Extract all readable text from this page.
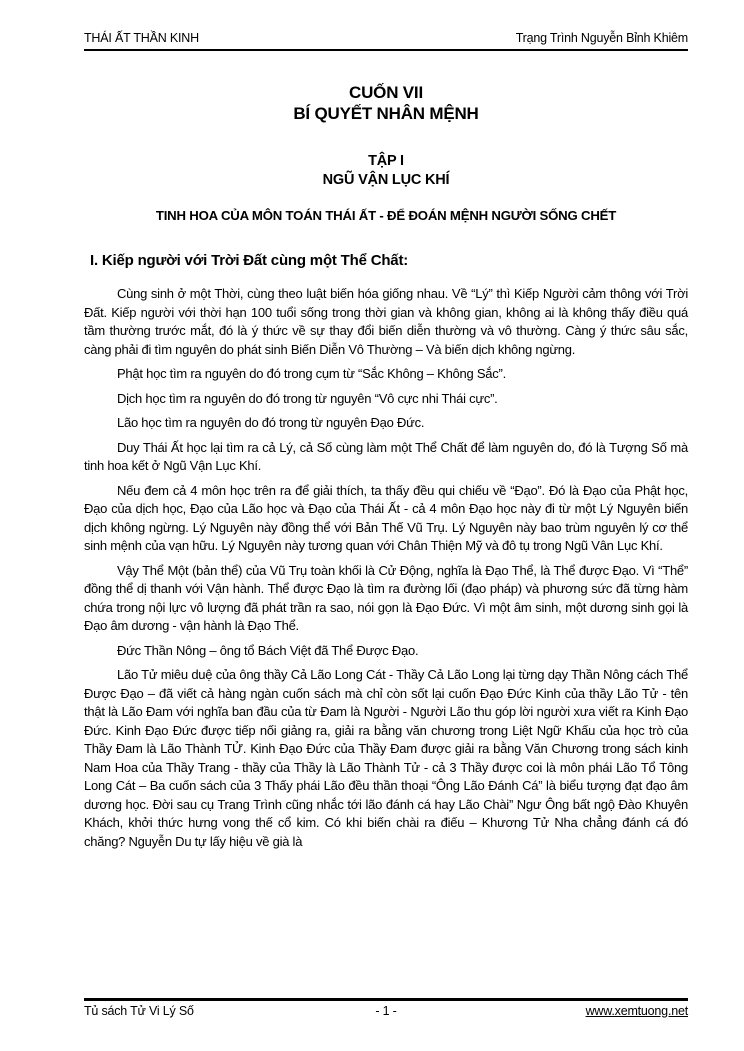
THÁI ẤT THẦN KINH	Trạng Trình Nguyễn Bỉnh Khiêm
CUỐN VII
BÍ QUYẾT NHÂN MỆNH
TẬP I
NGŨ VẬN LỤC KHÍ
TINH HOA CỦA MÔN TOÁN THÁI ẤT - ĐỂ ĐOÁN MỆNH NGƯỜI SỐNG CHẾT
I. Kiếp người với Trời Đất cùng một Thể Chất:

Cùng sinh ở một Thời, cùng theo luật biến hóa giống nhau. Về “Lý” thì Kiếp Người cảm thông với Trời Đất. Kiếp người với thời hạn 100 tuổi sống trong thời gian và không gian, không ai là không thấy điều quá tầm thường trước mắt, đó là ý thức về sự thay đổi biến diễn thường và vô thường. Càng ý thức sâu sắc, càng phải đi tìm nguyên do phát sinh Biến Diễn Vô Thường – Và biến dịch không ngừng.

Phật học tìm ra nguyên do đó trong cụm từ “Sắc Không – Không Sắc”.

Dịch học tìm ra nguyên do đó trong từ nguyên “Vô cực nhi Thái cực”.

Lão học tìm ra nguyên do đó trong từ nguyên Đạo Đức.

Duy Thái Ất học lại tìm ra cả Lý, cả Số cùng làm một Thể Chất để làm nguyên do, đó là Tượng Số mà tinh hoa kết ở Ngũ Vận Lục Khí.

Nếu đem cả 4 môn học trên ra để giải thích, ta thấy đều qui chiếu về “Đạo”. Đó là Đạo của Phật học, Đạo của dịch học, Đạo của Lão học và Đạo của Thái Ất - cả 4 môn Đạo học này đi từ một Lý Nguyên biến dịch không ngừng. Lý Nguyên này đồng thể với Bản Thế Vũ Trụ. Lý Nguyên này bao trùm nguyên lý cơ thể sinh mệnh của vạn hữu. Lý Nguyên này tương quan với Chân Thiện Mỹ và đô tụ trong Ngũ Vân Lục Khí.

Vậy Thể Một (bản thể) của Vũ Trụ toàn khối là Cử Động, nghĩa là Đạo Thể, là Thể được Đạo. Vì “Thể” đồng thể dị thanh với Vận hành. Thể được Đạo là tìm ra đường lối (đạo pháp) và phương sức đã từng hàm chứa trong nội lực vô lượng đã phát trần ra sao, nói gọn là Đạo Đức. Vì một âm sinh, một dương sinh gọi là Đạo âm dương - vận hành là Đạo Thể.

Đức Thần Nông – ông tổ Bách Việt đã Thể Được Đạo.

Lão Tử miêu duệ của ông thầy Cả Lão Long Cát - Thầy Cả Lão Long lại từng dạy Thần Nông cách Thể Được Đạo – đã viết cả hàng ngàn cuốn sách mà chỉ còn sốt lại cuốn Đạo Đức Kinh của thầy Lão Tử - tên thật là Lão Đam với nghĩa ban đầu của từ Đam là Người - Người Lão thu góp lời người xưa viết ra Kinh Đạo Đức. Kinh Đạo Đức được tiếp nối giảng ra, giải ra bằng văn chương trong Liệt Ngữ Khấu của học trò của Thầy Đam là Lão Thành TỬ. Kinh Đạo Đức của Thầy Đam được giải ra bằng Văn Chương trong sách kinh Nam Hoa của Thầy Trang - thầy của Thầy là Lão Thành Tử - cả 3 Thầy được coi là môn phái Lão Tổ Tông Long Cát – Ba cuốn sách của 3 Thấy phái Lão đều thần thoại “Ông Lão Đánh Cá” là biểu tượng đạt đạo âm dương học. Đời sau cụ Trang Trình cũng nhắc tới lão đánh cá hay Lão Chài” Ngư Ông bất ngộ Đào Khuyên Khách, khởi thức hưng vong thế cổ kim. Có khi biến chài ra điếu – Khương Tử Nha chẳng đánh cá đó chăng? Nguyễn Du tự lấy hiệu về già là

Tủ sách Tử Vi Lý Số	- 1 -	www.xemtuong.net
